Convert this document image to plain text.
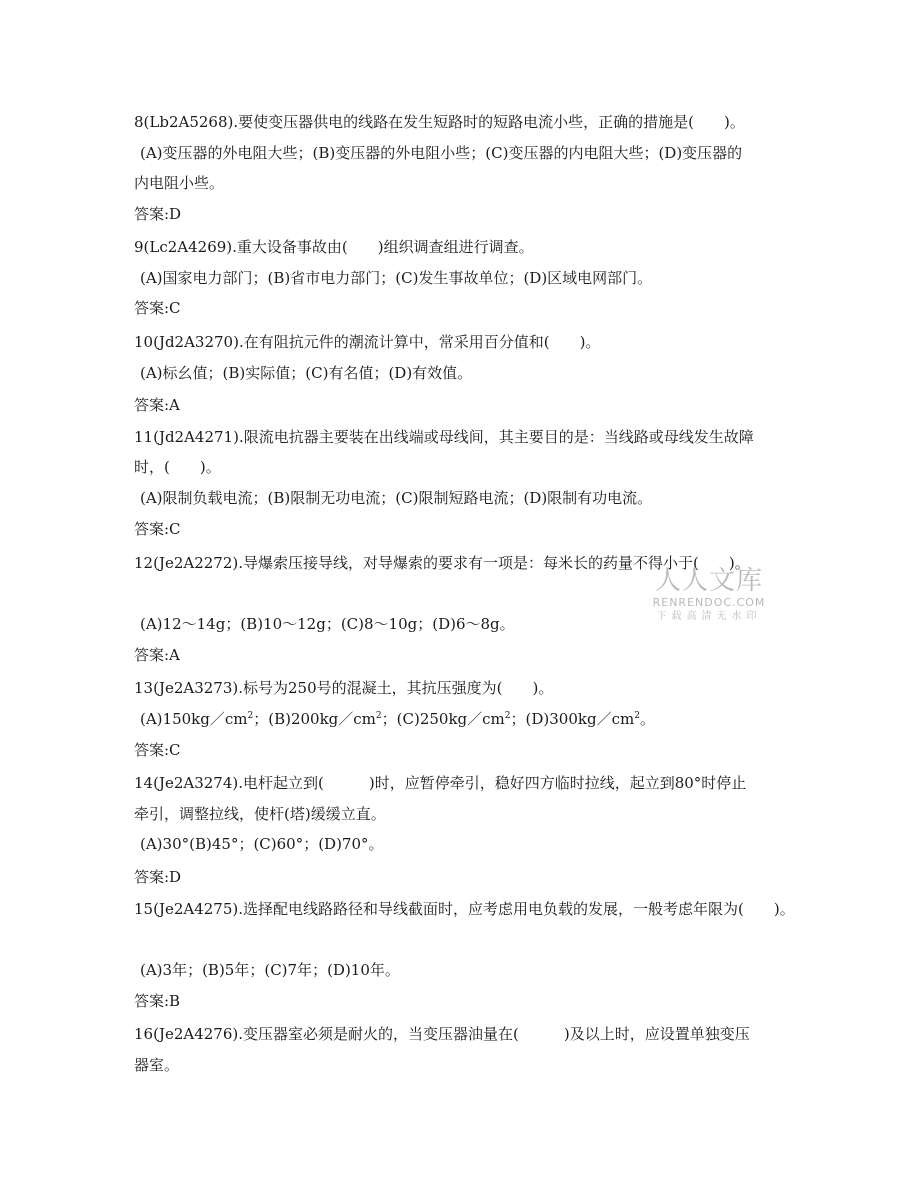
8(Lb2A5268).要使变压器供电的线路在发生短路时的短路电流小些，正确的措施是(　　)。
(A)变压器的外电阻大些；(B)变压器的外电阻小些；(C)变压器的内电阻大些；(D)变压器的
内电阻小些。
答案:D
9(Lc2A4269).重大设备事故由(　　)组织调查组进行调查。
(A)国家电力部门；(B)省市电力部门；(C)发生事故单位；(D)区域电网部门。
答案:C
10(Jd2A3270).在有阻抗元件的潮流计算中，常采用百分值和(　　)。
(A)标幺值；(B)实际值；(C)有名值；(D)有效值。
答案:A
11(Jd2A4271).限流电抗器主要装在出线端或母线间，其主要目的是：当线路或母线发生故障
时，(　　)。
(A)限制负载电流；(B)限制无功电流；(C)限制短路电流；(D)限制有功电流。
答案:C
12(Je2A2272).导爆索压接导线，对导爆索的要求有一项是：每米长的药量不得小于(　　)。
(A)12～14g；(B)10～12g；(C)8～10g；(D)6～8g。
答案:A
13(Je2A3273).标号为250号的混凝土，其抗压强度为(　　)。
$(A)150kg/cm^2$；$(B)200kg/cm^2$；$(C)250kg/cm^2$；$(D)300kg/cm^2$。
答案:C
14(Je2A3274).电杆起立到(　　　)时，应暂停牵引，稳好四方临时拉线，起立到80°时停止
牵引，调整拉线，使杆(塔)缓缓立直。
(A)30°(B)45°；(C)60°；(D)70°。
答案:D
15(Je2A4275).选择配电线路路径和导线截面时，应考虑用电负载的发展，一般考虑年限为(　　)。
(A)3年；(B)5年；(C)7年；(D)10年。
答案:B
16(Je2A4276).变压器室必须是耐火的，当变压器油量在(　　　)及以上时，应设置单独变压
器室。
人人文库
RENRENDOC.COM
下载高清无水印
